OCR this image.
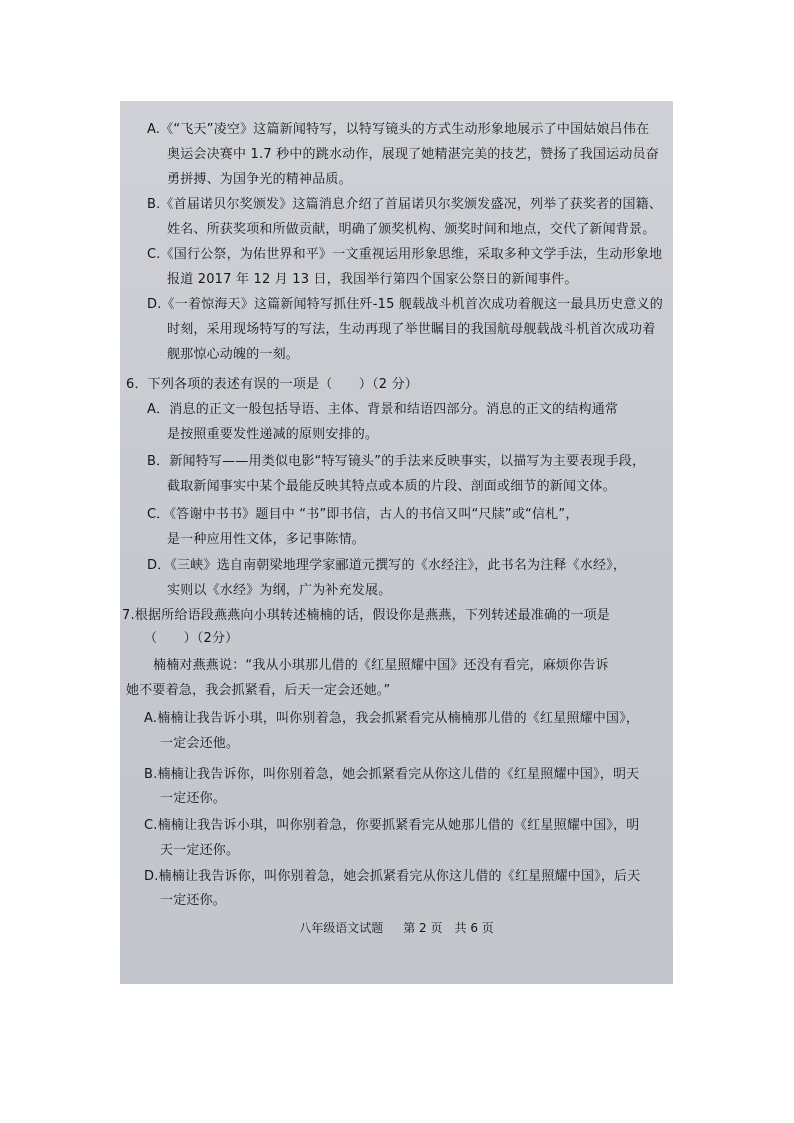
A.《“飞天”凌空》这篇新闻特写，以特写镜头的方式生动形象地展示了中国姑娘吕伟在

奥运会决赛中 1.7 秒中的跳水动作，展现了她精湛完美的技艺，赞扬了我国运动员奋

勇拼搏、为国争光的精神品质。

B.《首届诺贝尔奖颁发》这篇消息介绍了首届诺贝尔奖颁发盛况，列举了获奖者的国籍、

姓名、所获奖项和所做贡献，明确了颁奖机构、颁奖时间和地点，交代了新闻背景。

C.《国行公祭，为佑世界和平》一文重视运用形象思维，采取多种文学手法，生动形象地

报道 2017 年 12 月 13 日，我国举行第四个国家公祭日的新闻事件。

D.《一着惊海天》这篇新闻特写抓住歼-15 舰载战斗机首次成功着舰这一最具历史意义的

时刻，采用现场特写的写法，生动再现了举世瞩目的我国航母舰载战斗机首次成功着

舰那惊心动魄的一刻。

6．下列各项的表述有误的一项是（　　）（2 分）

A．消息的正文一般包括导语、主体、背景和结语四部分。消息的正文的结构通常

是按照重要发性递减的原则安排的。

B．新闻特写——用类似电影“特写镜头”的手法来反映事实，以描写为主要表现手段，

截取新闻事实中某个最能反映其特点或本质的片段、剖面或细节的新闻文体。

C．《答谢中书书》题目中 “书”即书信，古人的书信又叫“尺牍”或“信札”，

是一种应用性文体，多记事陈情。

D．《三峡》选自南朝梁地理学家郦道元撰写的《水经注》，此书名为注释《水经》，

实则以《水经》为纲，广为补充发展。

7.根据所给语段燕燕向小琪转述楠楠的话，假设你是燕燕，下列转述最准确的一项是

（　　）（2分）

楠楠对燕燕说：“我从小琪那儿借的《红星照耀中国》还没有看完，麻烦你告诉

她不要着急，我会抓紧看，后天一定会还她。”

A.楠楠让我告诉小琪，叫你别着急，我会抓紧看完从楠楠那儿借的《红星照耀中国》，

一定会还他。

B.楠楠让我告诉你，叫你别着急，她会抓紧看完从你这儿借的《红星照耀中国》，明天

一定还你。

C.楠楠让我告诉小琪，叫你别着急，你要抓紧看完从她那儿借的《红星照耀中国》，明

天一定还你。

D.楠楠让我告诉你，叫你别着急，她会抓紧看完从你这儿借的《红星照耀中国》，后天

一定还你。

八年级语文试题 第 2 页 共 6 页
